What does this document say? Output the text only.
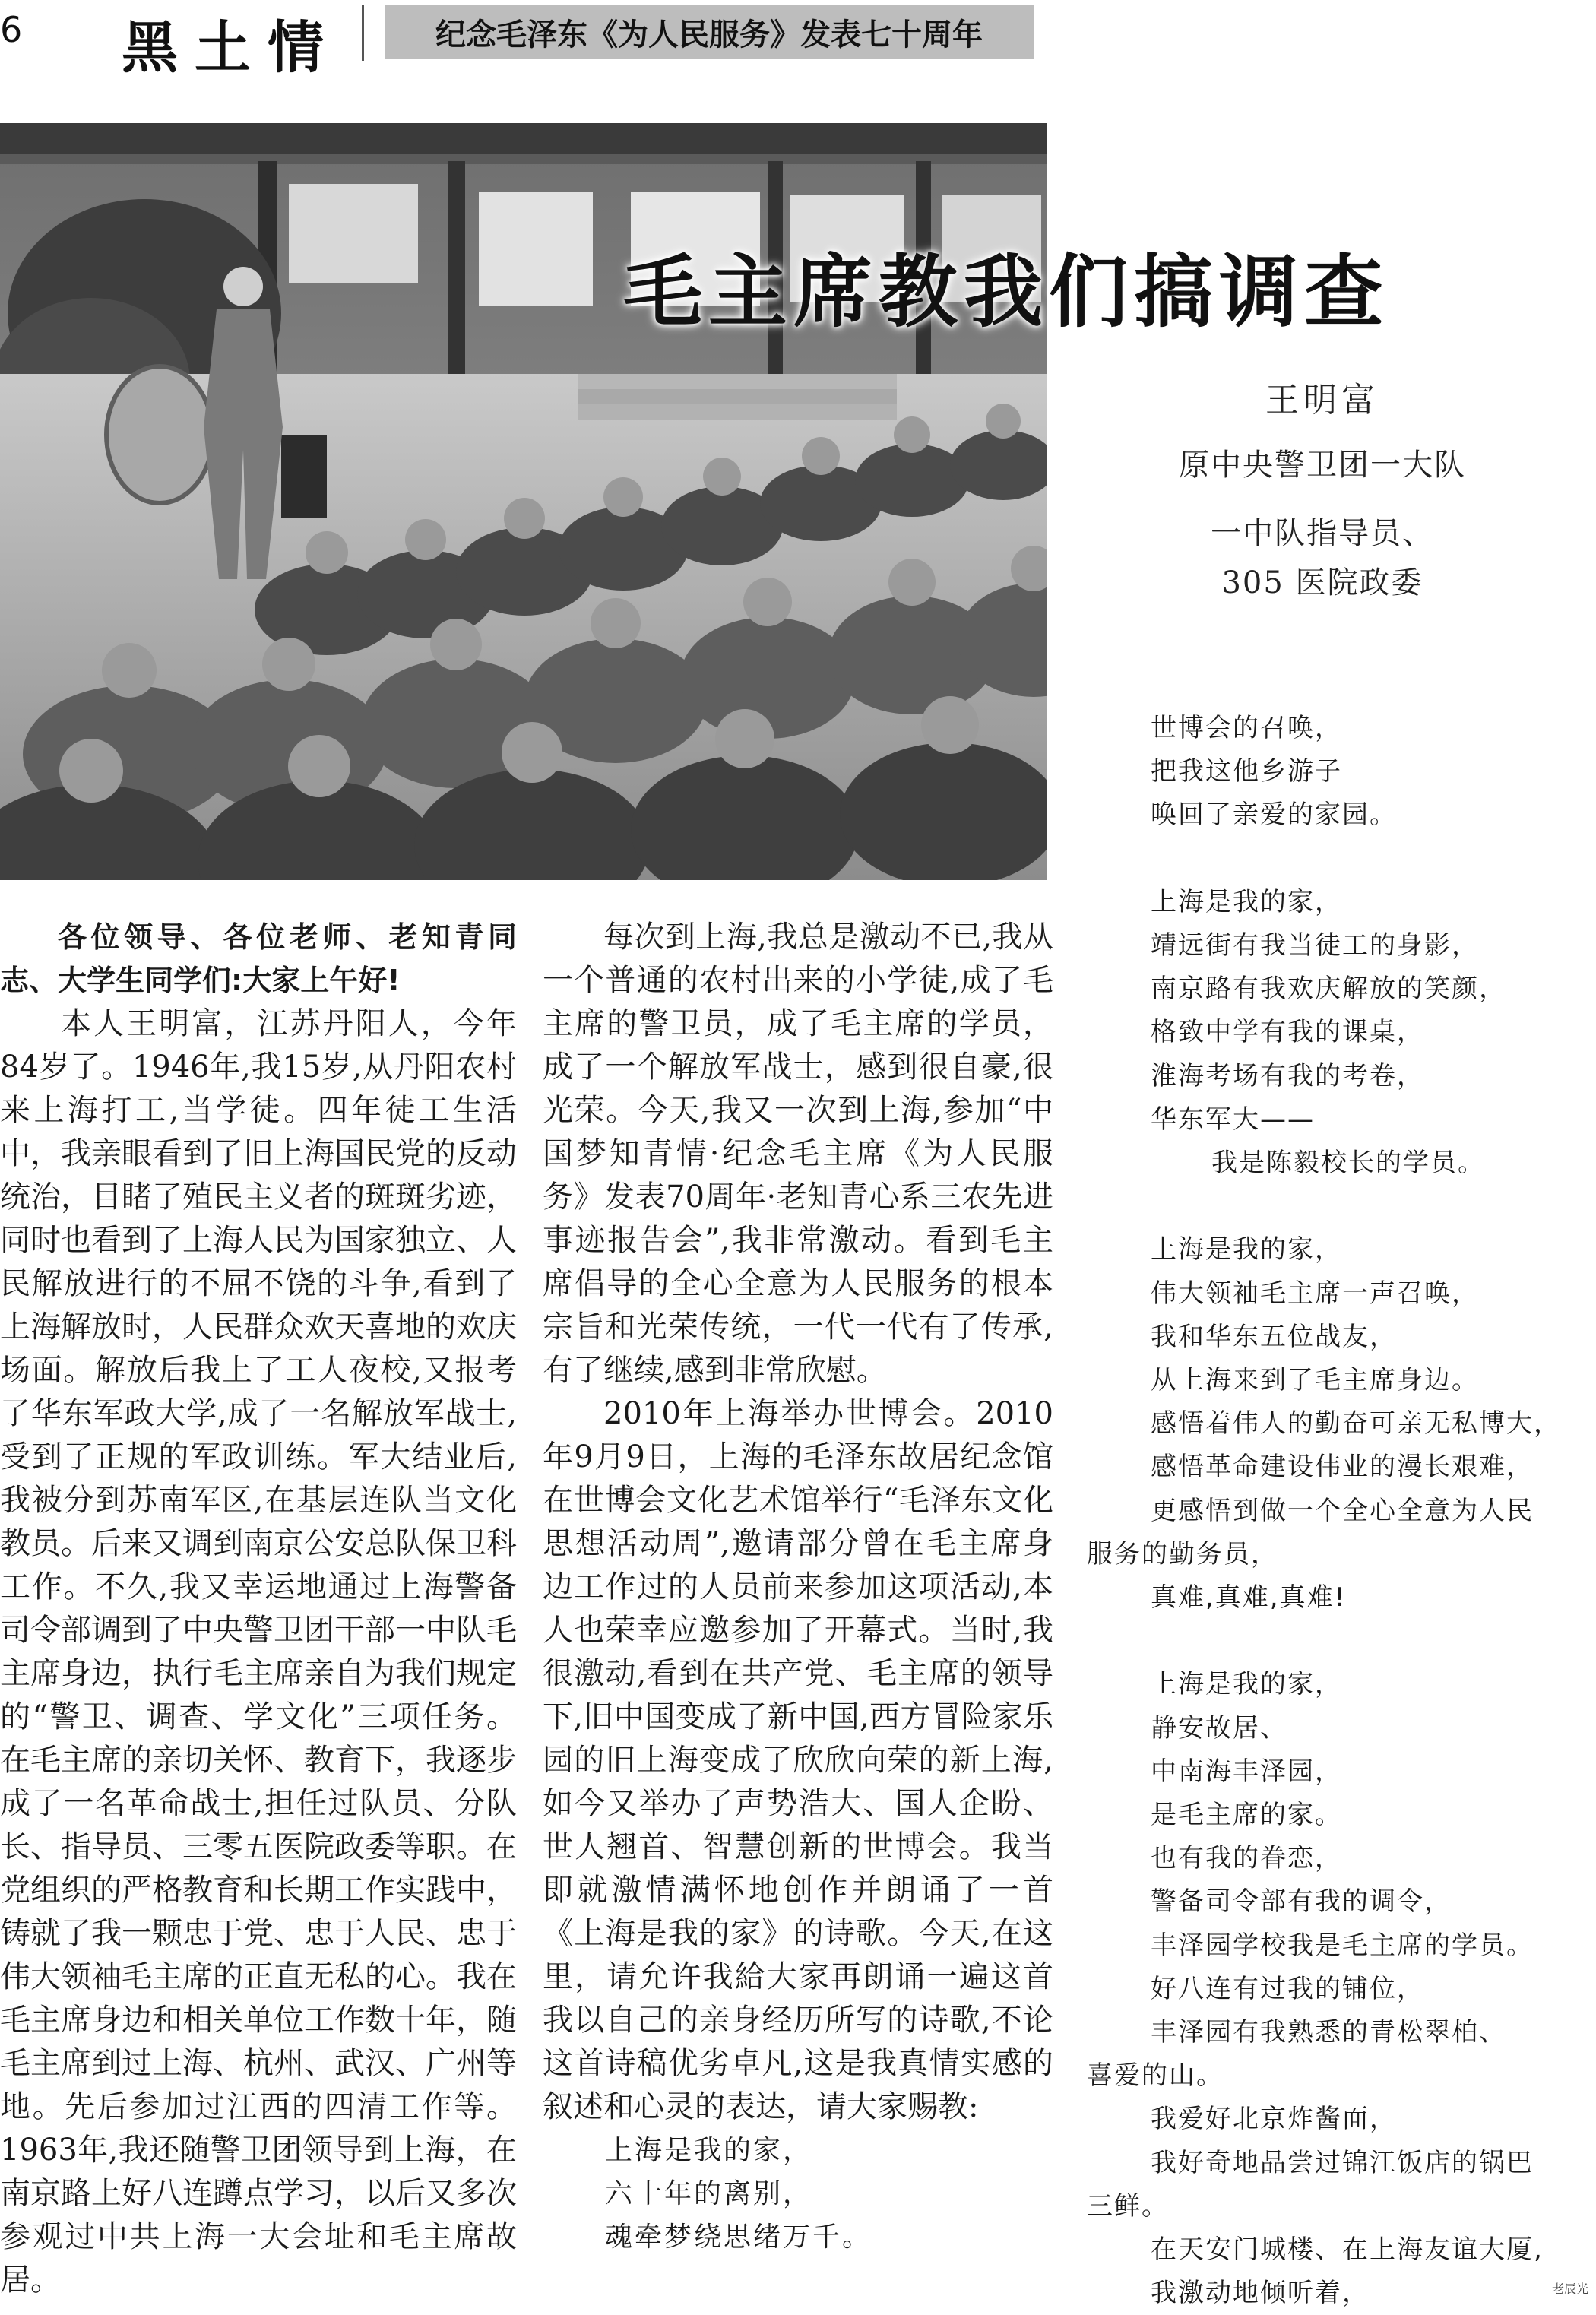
6 黑土情	纪念毛泽东《为人民服务》发表七十周年
毛主席教我们搞调查
王明富
原中央警卫团一大队
一中队指导员、
305 医院政委

各位领导、各位老师、老知青同志、大学生同学们:大家上午好!

本人王明富，江苏丹阳人，今年84岁了。1946年,我15岁,从丹阳农村来上海打工,当学徒。四年徒工生活中，我亲眼看到了旧上海国民党的反动统治，目睹了殖民主义者的斑斑劣迹，同时也看到了上海人民为国家独立、人民解放进行的不屈不饶的斗争,看到了上海解放时，人民群众欢天喜地的欢庆场面。解放后我上了工人夜校,又报考了华东军政大学,成了一名解放军战士,受到了正规的军政训练。军大结业后,我被分到苏南军区,在基层连队当文化教员。后来又调到南京公安总队保卫科工作。不久,我又幸运地通过上海警备司令部调到了中央警卫团干部一中队毛主席身边，执行毛主席亲自为我们规定的“警卫、调查、学文化”三项任务。在毛主席的亲切关怀、教育下，我逐步成了一名革命战士,担任过队员、分队长、指导员、三零五医院政委等职。在党组织的严格教育和长期工作实践中，铸就了我一颗忠于党、忠于人民、忠于伟大领袖毛主席的正直无私的心。我在毛主席身边和相关单位工作数十年，随毛主席到过上海、杭州、武汉、广州等地。先后参加过江西的四清工作等。1963年,我还随警卫团领导到上海，在南京路上好八连蹲点学习，以后又多次参观过中共上海一大会址和毛主席故居。

每次到上海,我总是激动不已,我从一个普通的农村出来的小学徒,成了毛主席的警卫员，成了毛主席的学员，成了一个解放军战士，感到很自豪,很光荣。今天,我又一次到上海,参加“中国梦知青情·纪念毛主席《为人民服务》发表70周年·老知青心系三农先进事迹报告会”,我非常激动。看到毛主席倡导的全心全意为人民服务的根本宗旨和光荣传统，一代一代有了传承,有了继续,感到非常欣慰。

2010年上海举办世博会。2010年9月9日，上海的毛泽东故居纪念馆在世博会文化艺术馆举行“毛泽东文化思想活动周”,邀请部分曾在毛主席身边工作过的人员前来参加这项活动,本人也荣幸应邀参加了开幕式。当时,我很激动,看到在共产党、毛主席的领导下,旧中国变成了新中国,西方冒险家乐园的旧上海变成了欣欣向荣的新上海,如今又举办了声势浩大、国人企盼、世人翘首、智慧创新的世博会。我当即就激情满怀地创作并朗诵了一首《上海是我的家》的诗歌。今天,在这里，请允许我給大家再朗诵一遍这首我以自己的亲身经历所写的诗歌,不论这首诗稿优劣卓凡,这是我真情实感的叙述和心灵的表达，请大家赐教:

上海是我的家，

六十年的离别，

魂牵梦绕思绪万千。

世博会的召唤，
把我这他乡游子
唤回了亲爱的家园。
上海是我的家，
靖远街有我当徒工的身影，
南京路有我欢庆解放的笑颜，
格致中学有我的课桌，
淮海考场有我的考卷，
华东军大——
我是陈毅校长的学员。
上海是我的家，
伟大领袖毛主席一声召唤，
我和华东五位战友，
从上海来到了毛主席身边。
感悟着伟人的勤奋可亲无私博大，
感悟革命建设伟业的漫长艰难，
更感悟到做一个全心全意为人民
服务的勤务员，
真难,真难,真难!
上海是我的家，
静安故居、
中南海丰泽园，
是毛主席的家。
也有我的眷恋，
警备司令部有我的调令，
丰泽园学校我是毛主席的学员。
好八连有过我的铺位，
丰泽园有我熟悉的青松翠柏、
喜爱的山。
我爱好北京炸酱面，
我好奇地品尝过锦江饭店的锅巴
三鲜。
在天安门城楼、在上海友谊大厦,
我激动地倾听着，	老辰光
